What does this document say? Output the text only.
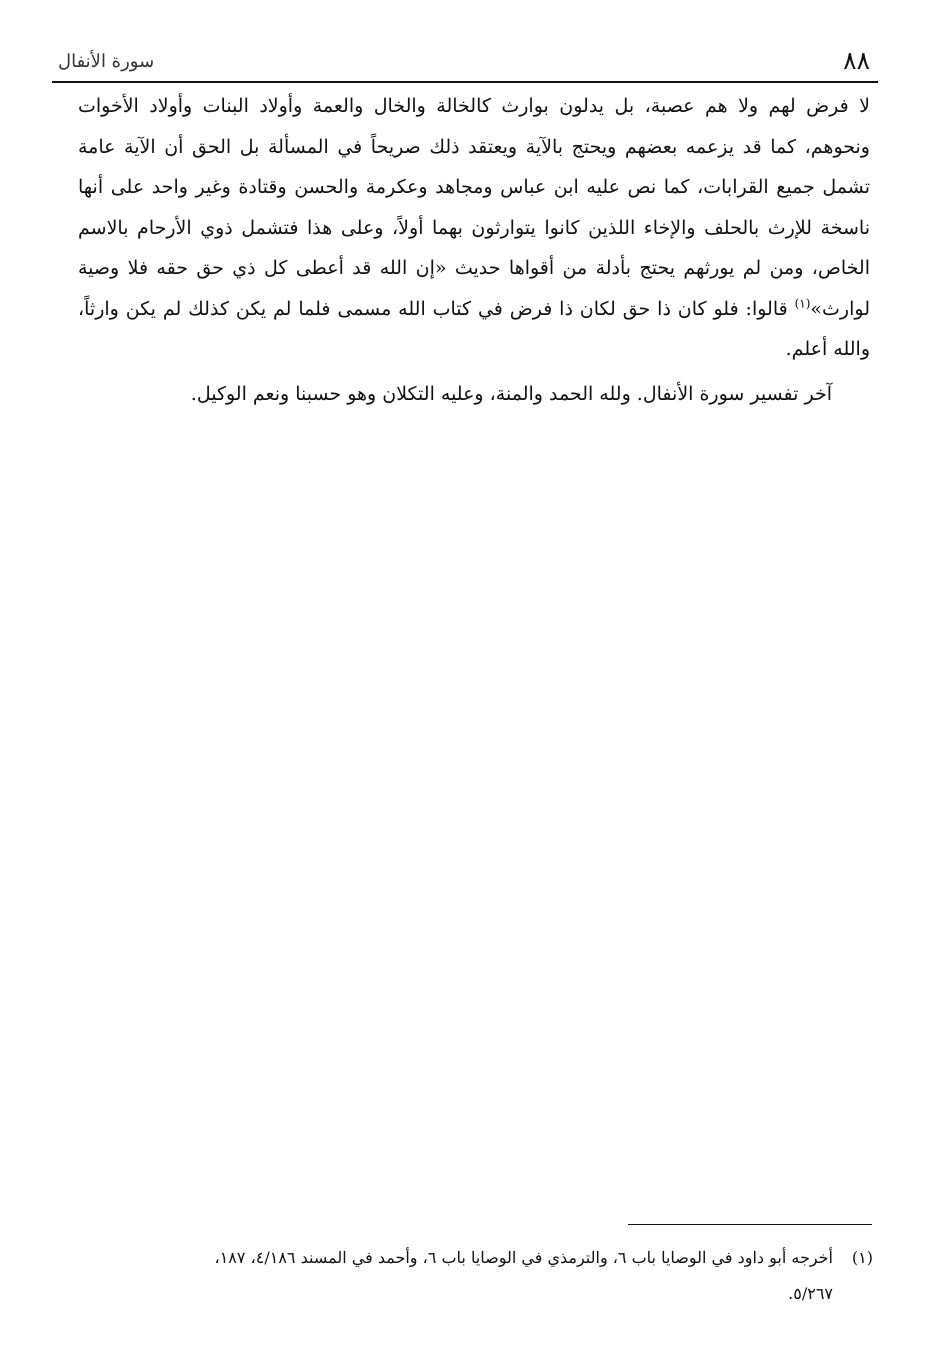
٨٨
سورة الأنفال

لا فرض لهم ولا هم عصبة، بل يدلون بوارث كالخالة والخال والعمة وأولاد البنات وأولاد الأخوات ونحوهم، كما قد يزعمه بعضهم ويحتج بالآية ويعتقد ذلك صريحاً في المسألة بل الحق أن الآية عامة تشمل جميع القرابات، كما نص عليه ابن عباس ومجاهد وعكرمة والحسن وقتادة وغير واحد على أنها ناسخة للإرث بالحلف والإخاء اللذين كانوا يتوارثون بهما أولاً، وعلى هذا فتشمل ذوي الأرحام بالاسم الخاص، ومن لم يورثهم يحتج بأدلة من أقواها حديث «إن الله قد أعطى كل ذي حق حقه فلا وصية لوارث»$^{(١)}$ قالوا: فلو كان ذا حق لكان ذا فرض في كتاب الله مسمى فلما لم يكن كذلك لم يكن وارثاً، والله أعلم.

آخر تفسير سورة الأنفال. ولله الحمد والمنة، وعليه التكلان وهو حسبنا ونعم الوكيل.

(١)أخرجه أبو داود في الوصايا باب ٦، والترمذي في الوصايا باب ٦، وأحمد في المسند ٤/١٨٦، ١٨٧،
٥/٢٦٧.
